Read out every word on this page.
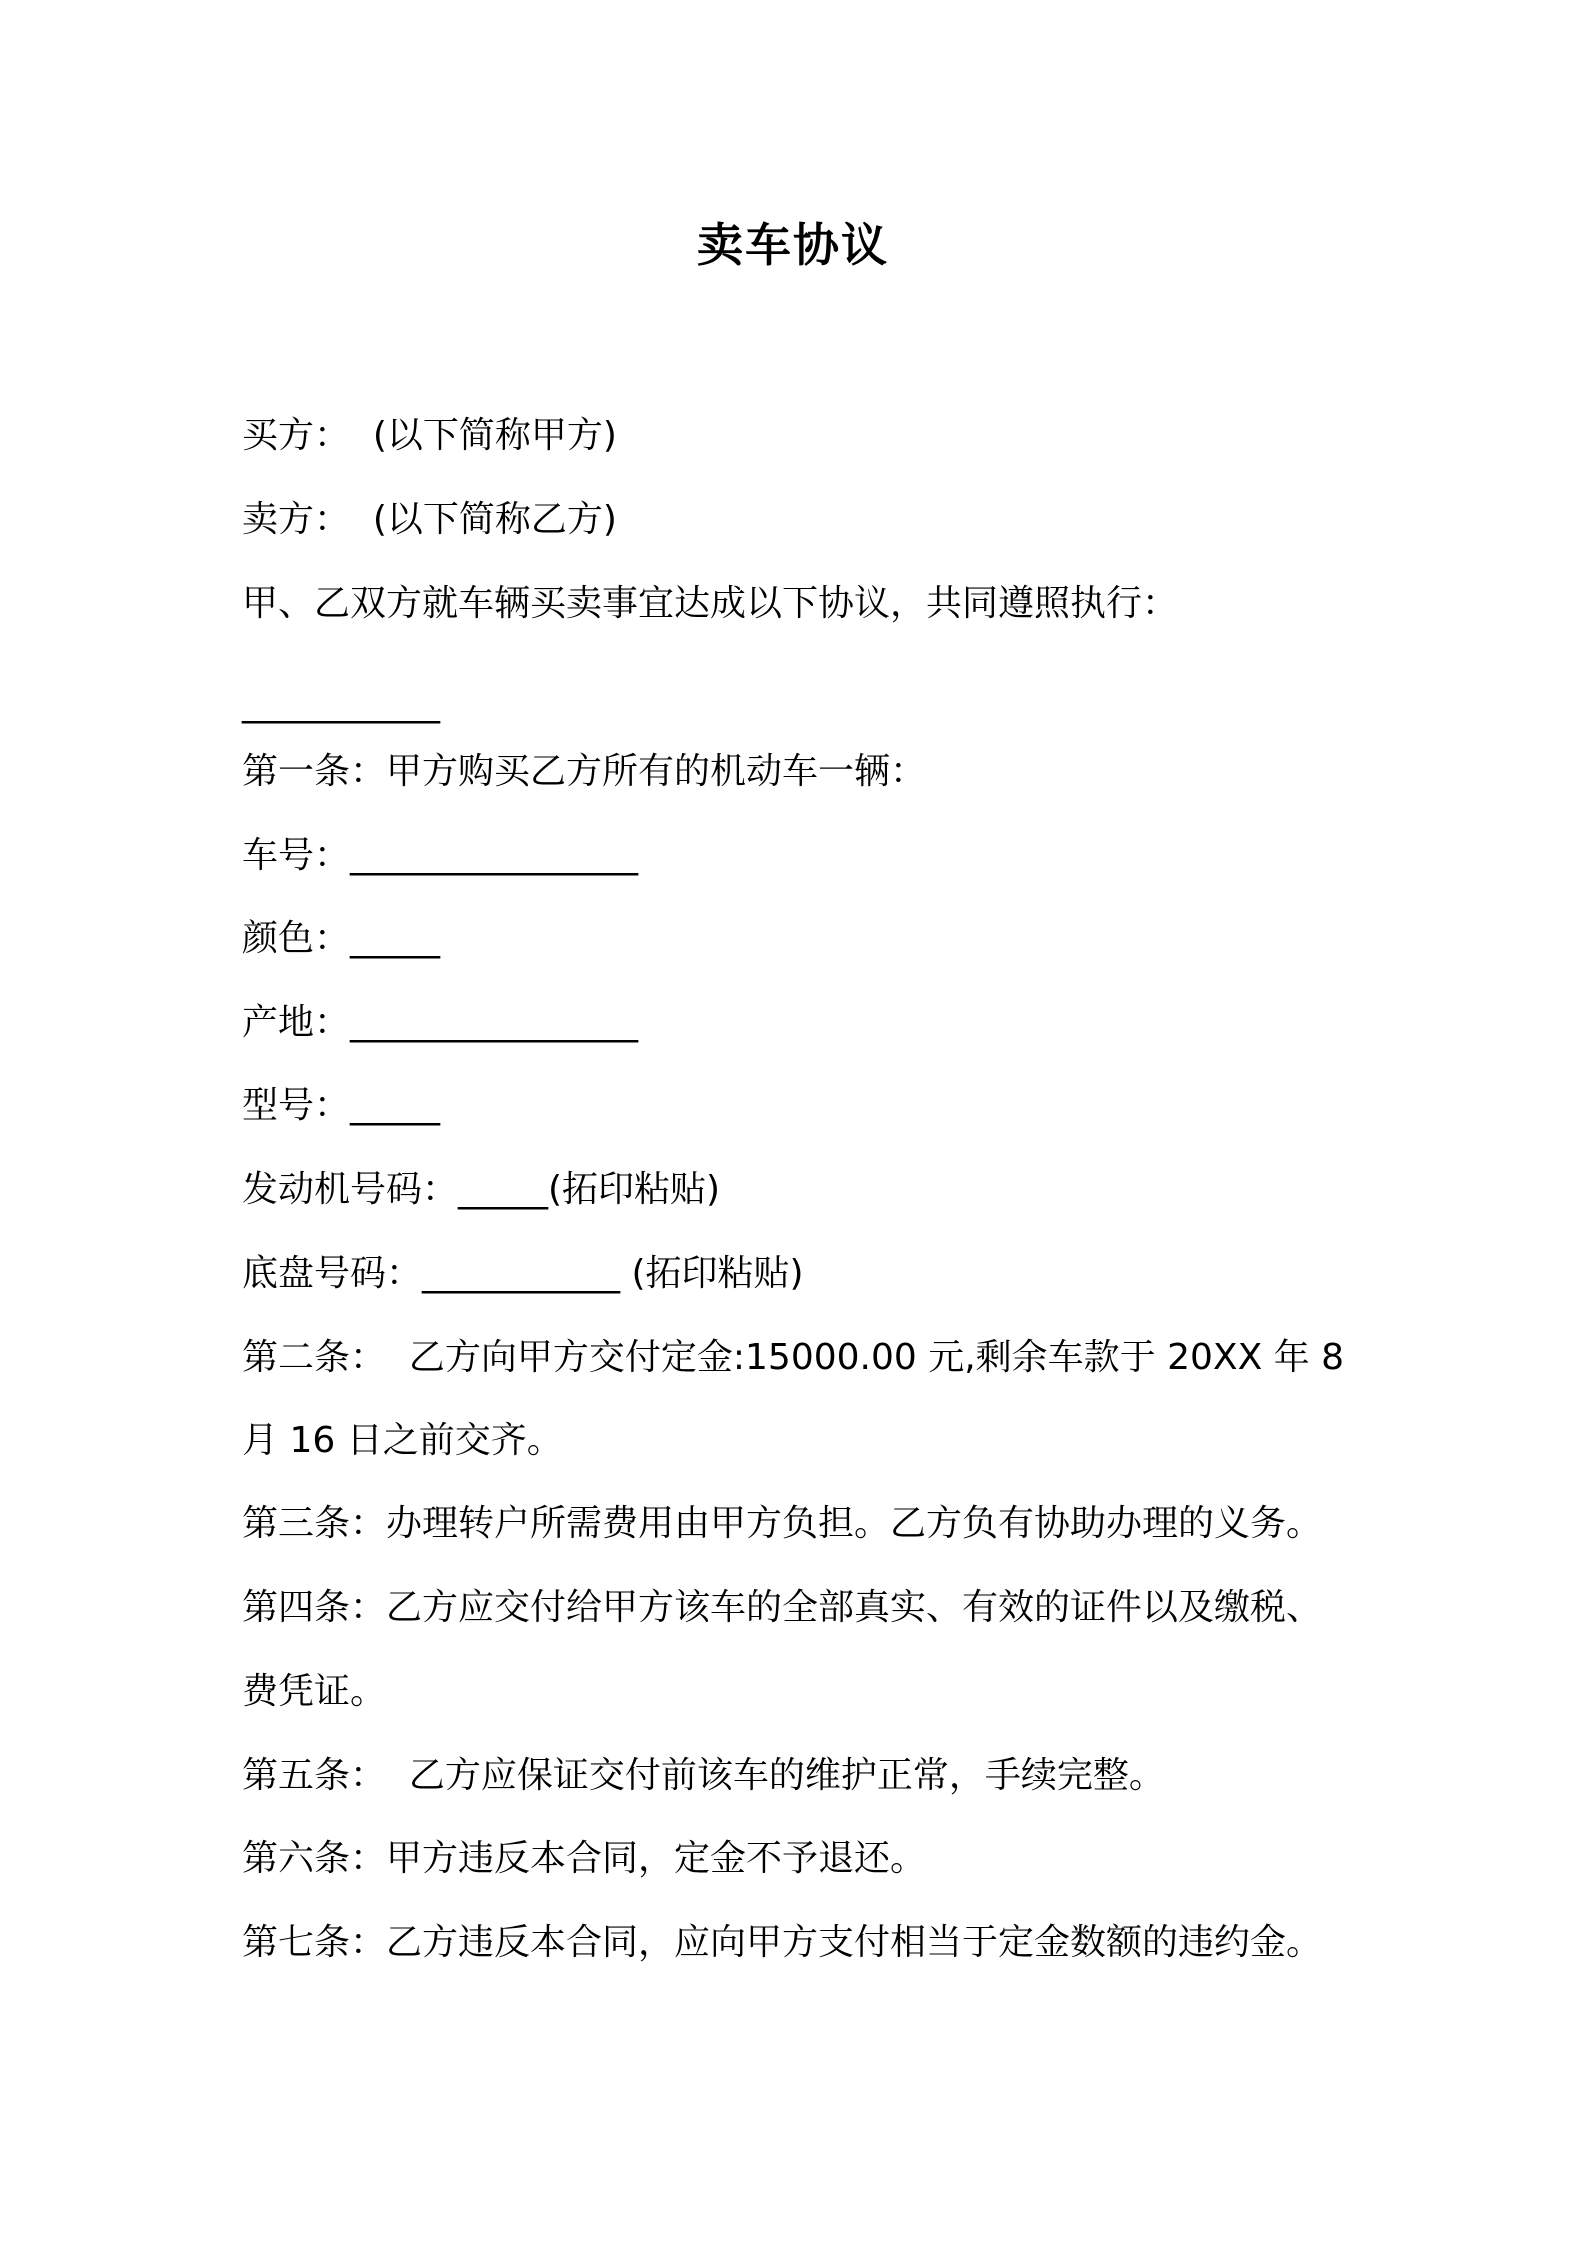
卖车协议
买方：  (以下简称甲方)
卖方：  (以下简称乙方)
甲、乙双方就车辆买卖事宜达成以下协议，共同遵照执行：
___________
第一条：甲方购买乙方所有的机动车一辆：
车号：________________
颜色：_____
产地：________________
型号：_____
发动机号码：_____(拓印粘贴)
底盘号码：___________ (拓印粘贴)
第二条：  乙方向甲方交付定金:15000.00 元,剩余车款于 20XX 年 8
月 16 日之前交齐。
第三条：办理转户所需费用由甲方负担。乙方负有协助办理的义务。
第四条：乙方应交付给甲方该车的全部真实、有效的证件以及缴税、
费凭证。
第五条：  乙方应保证交付前该车的维护正常，手续完整。
第六条：甲方违反本合同，定金不予退还。
第七条：乙方违反本合同，应向甲方支付相当于定金数额的违约金。
